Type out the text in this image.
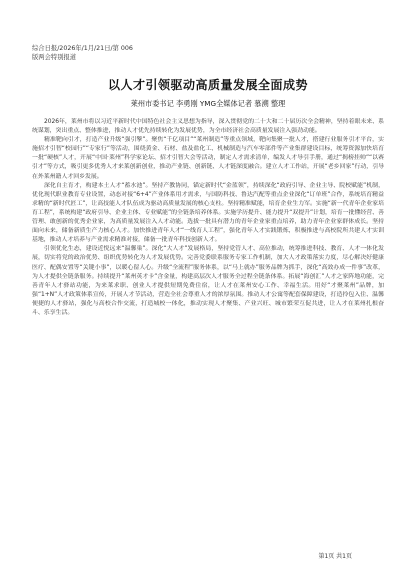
综合日报/2026年/1月/21日/第 006
版两会特别报道
以人才引领驱动高质量发展全面成势
莱州市委书记 李勇刚 YMG全媒体记者 慕溯 整理

2026年，莱州市将以习近平新时代中国特色社会主义思想为指导，深入贯彻党的二十大和二十届历次全会精神，坚持着眼未来、系统谋划，突出重点、整体推进，推动人才优先持续转化为发展优势，为全市经济社会高质量发展注入强劲动能。

精准靶向引才，打造产业升级“强引擎”。聚焦“千亿项目”“莱州制造”等重点领域，靶向集聚一批人才，搭建行业服务引才平台，实施招才引智“校园行”“专家行”等活动，围绕黄金、石材、盐及盐化工、机械制造与汽车零部件等产业集群建设目标，统筹资源加快培育一批“硬核”人才，开展“中国·莱州”科学家论坛、招才引智大会等活动，制定人才需求清单，编发人才导引手册，通过“揭榜挂帅”“以赛引才”等方式，吸引更多优秀人才来莱创新创业，推动产业链、创新链、人才链深度融合。建立人才工作站，开展“老乡回家”行动，引导在外莱州籍人才回乡发展。

深化自主育才，构建本土人才“蓄水池”。坚持产教协同，锚定新时代“金蓝领”，持续深化“政府引导、企业主导、院校赋能”机制，优化现代职业教育专业设置，动态对接“6+4”产业体系用才需求，与国防科技、鲁达汽配等重点企业深化“订单班”合作，系统培育精益求精的“新时代匠工”，让高技能人才队伍成为驱动高质量发展的核心支柱。坚持精准赋能，培育企业生力军。实施“新一代青年企业家培育工程”，系统构建“政府引导、企业主体、专业赋能”的全链条培养体系。实施学历提升、能力提升“双提升”计划，培育一批懂经营、善管理、敢创新的优秀企业家，为高质量发展注入人才动能。选拔一批具有潜力的青年企业家重点培养，助力青年企业家群体成长。坚持面向未来，储备新质生产力核心人才。加快推进青年人才“一线育人工程”，强化青年人才实践锻炼，积极推进与高校院所共建人才实训基地，推动人才培养与产业需求精准对接，储备一批青年科技创新人才。

引领优化生态，建设近悦远来“温馨巢”。深化“大人才”发展格局，坚持党管人才、高位推动，统筹推进科技、教育、人才一体化发展，切实将党的政治优势、组织优势转化为人才发展优势。完善党委联系服务专家工作机制，加大人才政策落实力度，尽心解决好健康医疗、配偶安置等“关键小事”，以暖心留人心。升级“全流程”服务体系，以“马上就办”服务品牌为抓手，深化“高效办成一件事”改革，为人才提供全链条服务。持续提升“莱州英才卡”含金量，构建高层次人才服务全过程全链条体系。拓展“海创汇”人才之家阵地功能，完善青年人才驿站功能，为来莱求职、创业人才提供短期免费住宿，让人才在莱州安心工作、幸福生活。用好“才聚莱州”品牌，加强“1+N”人才政策体系宣传，开展人才节活动，营造全社会尊重人才的浓厚氛围。推动人才公寓等配套保障建设，打造拎包入住、温馨便捷的人才驿站，强化与高校合作交流，打造城校一体化，推动实现人才聚集、产业兴旺、城市繁荣互促共进，让人才在莱州扎根奋斗、乐享生活。

第1页 共1页
